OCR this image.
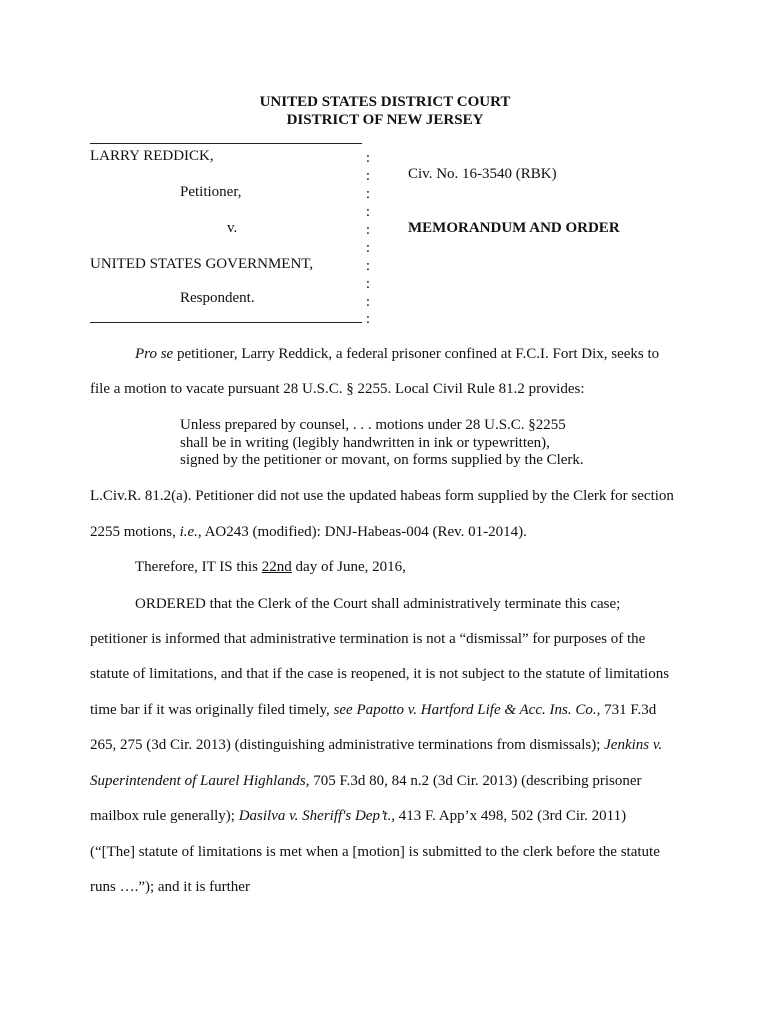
UNITED STATES DISTRICT COURT
DISTRICT OF NEW JERSEY
LARRY REDDICK,
Petitioner,
v.
UNITED STATES GOVERNMENT,
Respondent.
:
:
:
:
:
:
:
:
:
:
Civ. No. 16-3540 (RBK)
MEMORANDUM AND ORDER
Pro se petitioner, Larry Reddick, a federal prisoner confined at F.C.I. Fort Dix, seeks to
file a motion to vacate pursuant 28 U.S.C. § 2255. Local Civil Rule 81.2 provides:
Unless prepared by counsel, . . . motions under 28 U.S.C. §2255
shall be in writing (legibly handwritten in ink or typewritten),
signed by the petitioner or movant, on forms supplied by the Clerk.
L.Civ.R. 81.2(a). Petitioner did not use the updated habeas form supplied by the Clerk for section
2255 motions, i.e., AO243 (modified): DNJ-Habeas-004 (Rev. 01-2014).
Therefore, IT IS this 22nd day of June, 2016,
ORDERED that the Clerk of the Court shall administratively terminate this case;
petitioner is informed that administrative termination is not a “dismissal” for purposes of the
statute of limitations, and that if the case is reopened, it is not subject to the statute of limitations
time bar if it was originally filed timely, see Papotto v. Hartford Life & Acc. Ins. Co., 731 F.3d
265, 275 (3d Cir. 2013) (distinguishing administrative terminations from dismissals); Jenkins v.
Superintendent of Laurel Highlands, 705 F.3d 80, 84 n.2 (3d Cir. 2013) (describing prisoner
mailbox rule generally); Dasilva v. Sheriff's Dep’t., 413 F. App’x 498, 502 (3rd Cir. 2011)
(“[The] statute of limitations is met when a [motion] is submitted to the clerk before the statute
runs ….”); and it is further
